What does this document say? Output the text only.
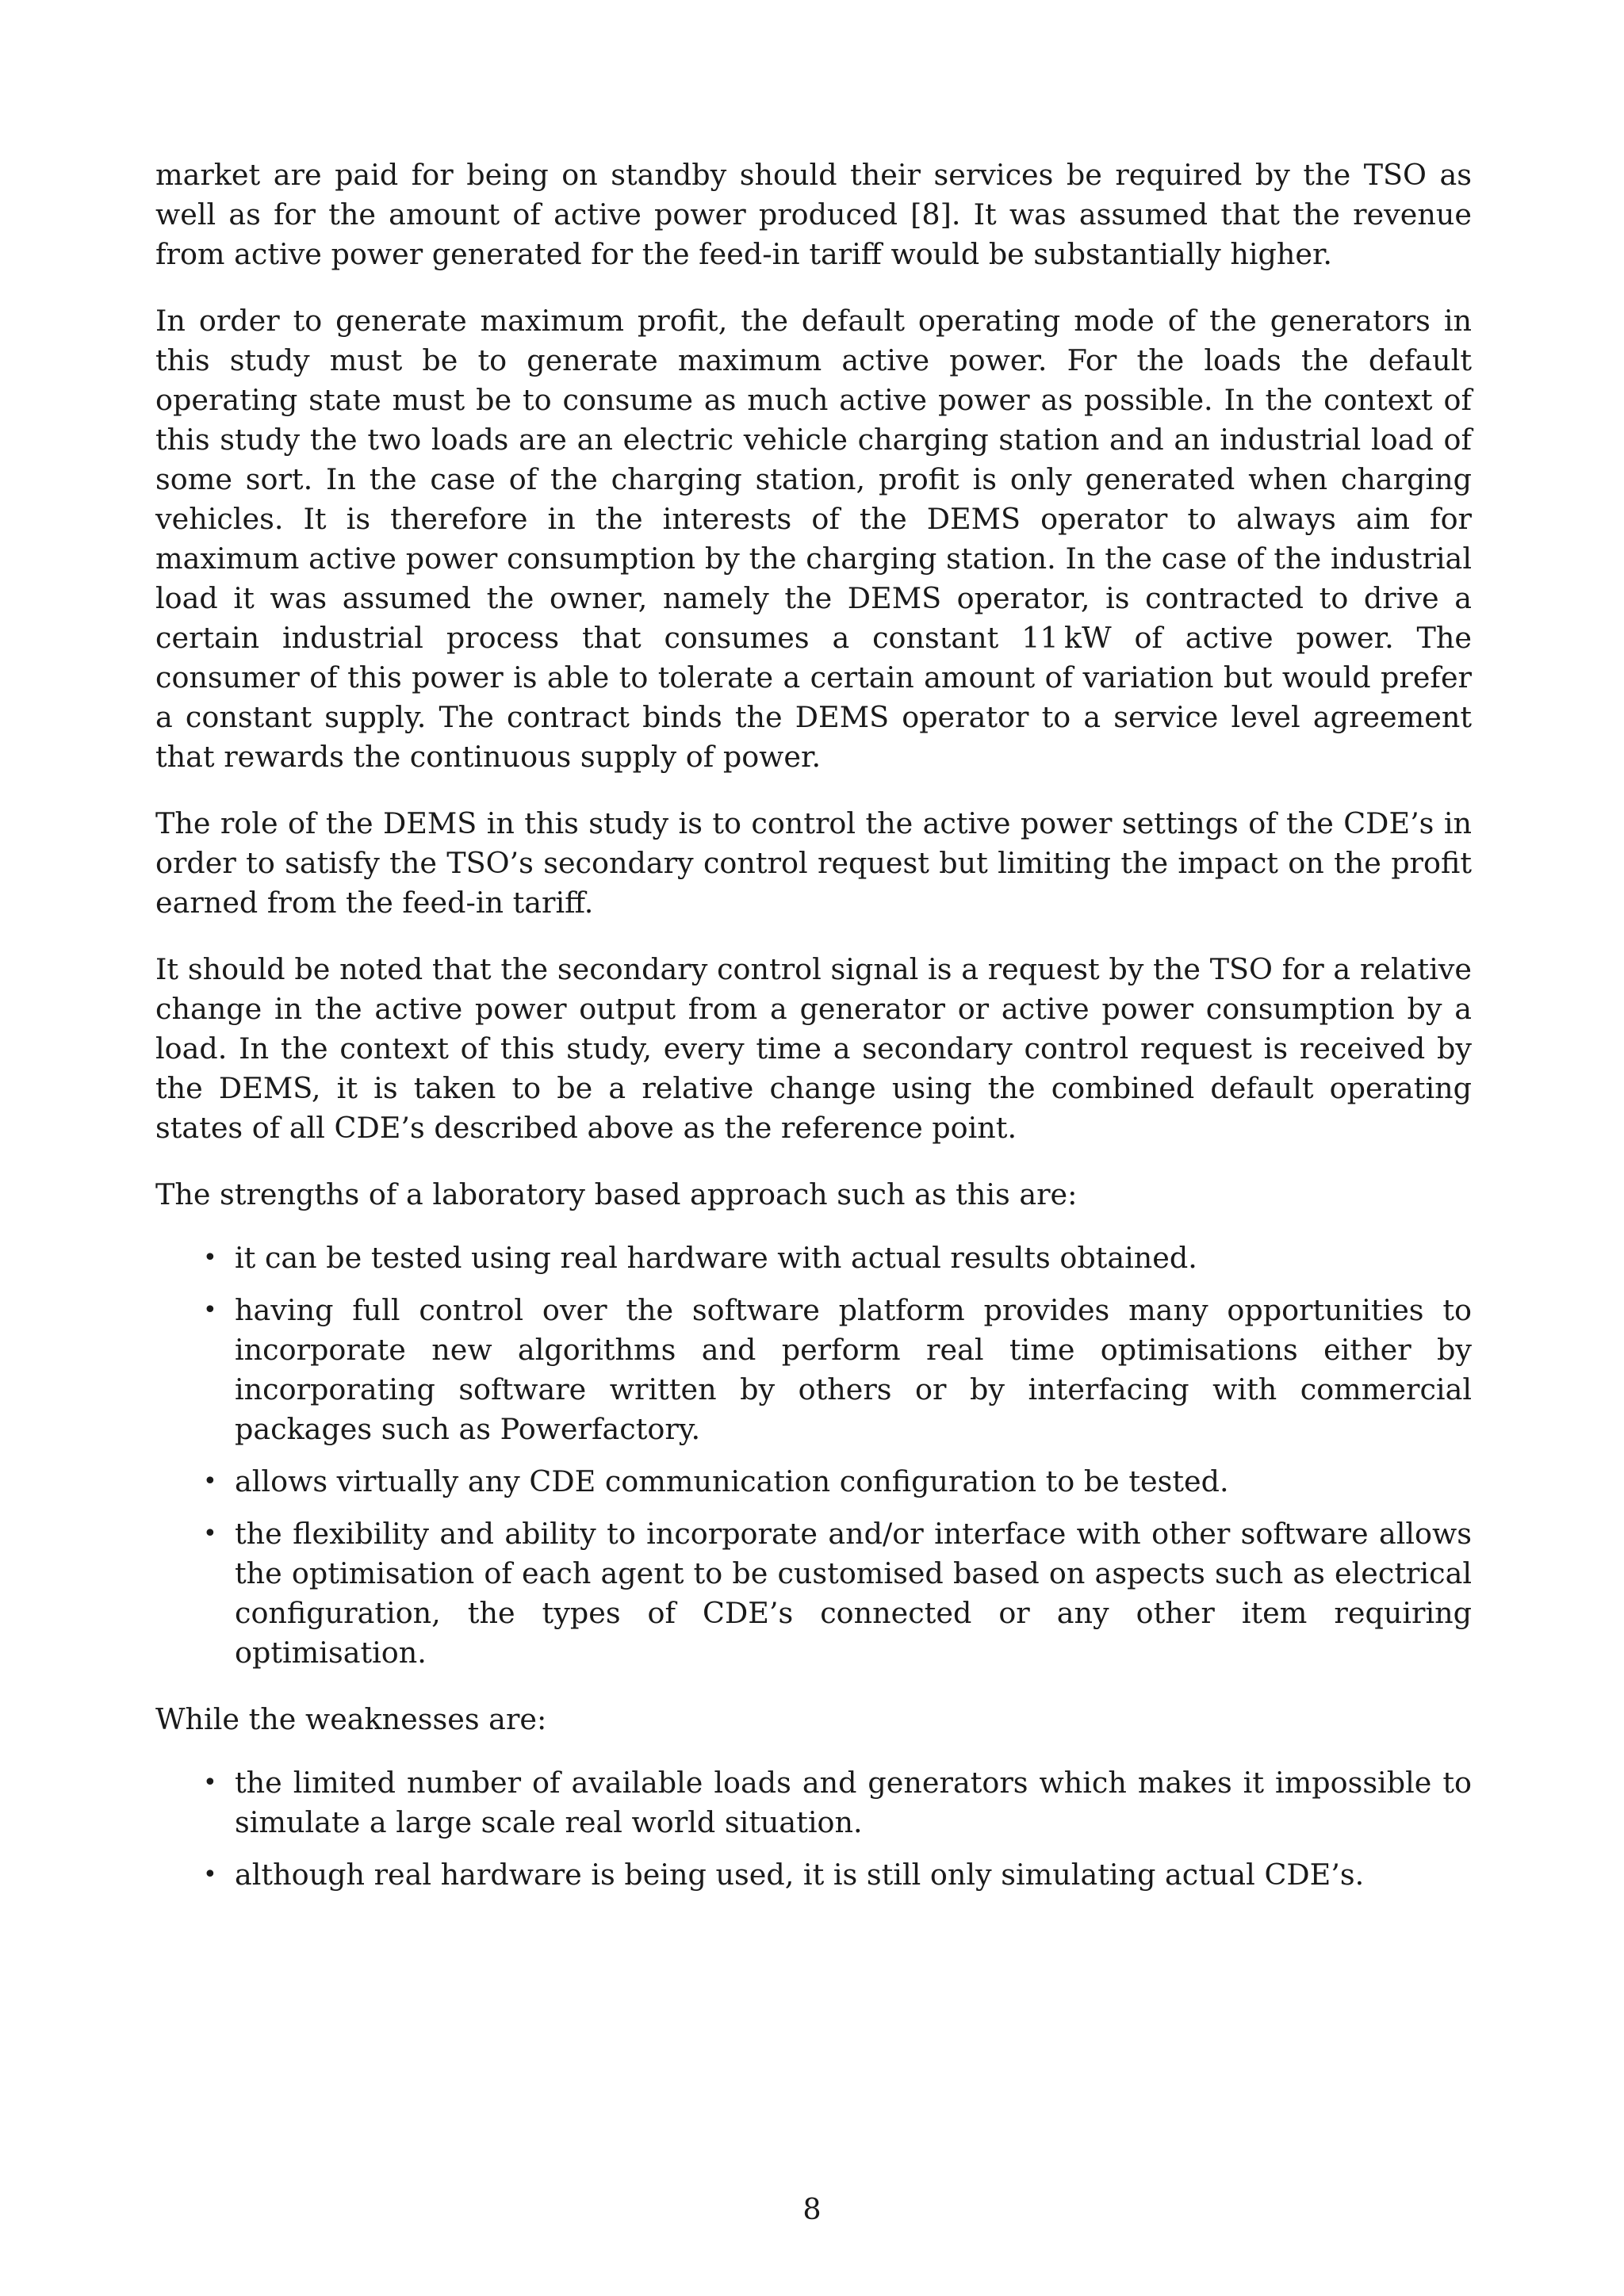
market are paid for being on standby should their services be required by the TSO as well as for the amount of active power produced [8]. It was assumed that the revenue from active power generated for the feed-in tariff would be substantially higher.

In order to generate maximum profit, the default operating mode of the generators in this study must be to generate maximum active power. For the loads the default operating state must be to consume as much active power as possible. In the context of this study the two loads are an electric vehicle charging station and an industrial load of some sort. In the case of the charging station, profit is only generated when charging vehicles. It is therefore in the interests of the DEMS operator to always aim for maximum active power consumption by the charging station. In the case of the industrial load it was assumed the owner, namely the DEMS operator, is contracted to drive a certain industrial process that consumes a constant 11 kW of active power. The consumer of this power is able to tolerate a certain amount of variation but would prefer a constant supply. The contract binds the DEMS operator to a service level agreement that rewards the continuous supply of power.

The role of the DEMS in this study is to control the active power settings of the CDE’s in order to satisfy the TSO’s secondary control request but limiting the impact on the profit earned from the feed-in tariff.

It should be noted that the secondary control signal is a request by the TSO for a relative change in the active power output from a generator or active power consumption by a load. In the context of this study, every time a secondary control request is received by the DEMS, it is taken to be a relative change using the combined default operating states of all CDE’s described above as the reference point.

The strengths of a laboratory based approach such as this are:

• it can be tested using real hardware with actual results obtained.
• having full control over the software platform provides many opportunities to incorporate new algorithms and perform real time optimisations either by incorporating software written by others or by interfacing with commercial packages such as Powerfactory.
• allows virtually any CDE communication configuration to be tested.
• the flexibility and ability to incorporate and/or interface with other software allows the optimisation of each agent to be customised based on aspects such as electrical configuration, the types of CDE’s connected or any other item requiring optimisation.

While the weaknesses are:

• the limited number of available loads and generators which makes it impossible to simulate a large scale real world situation.
• although real hardware is being used, it is still only simulating actual CDE’s.
8
